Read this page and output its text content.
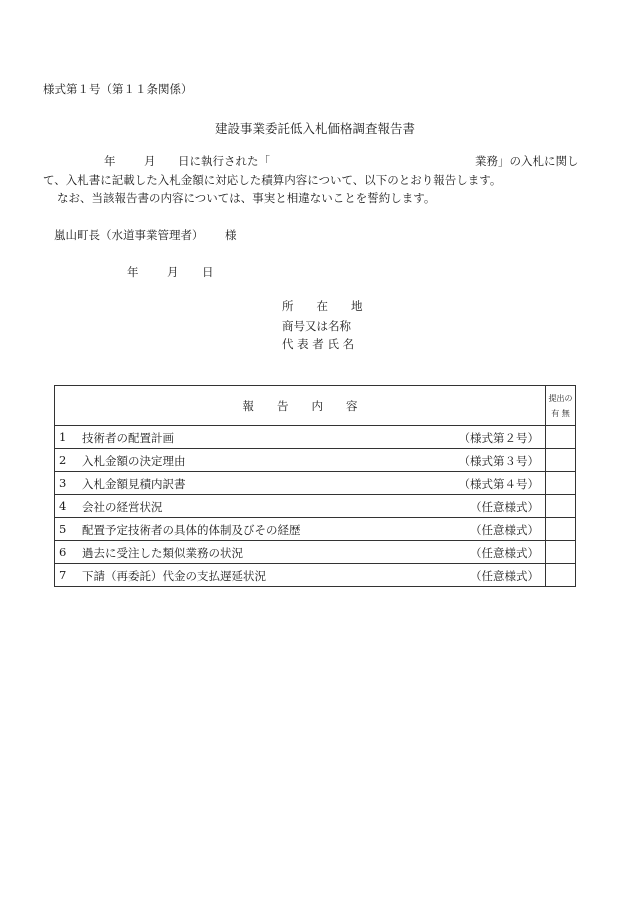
様式第１号（第１１条関係）
建設事業委託低入札価格調査報告書
年 月 日に執行された「	業務」の入札に関し
て、入札書に記載した入札金額に対応した積算内容について、以下のとおり報告します。
なお、当該報告書の内容については、事実と相違ないことを誓約します。
嵐山町長（水道事業管理者） 様
年 月 日
所　　在　　地
商号又は名称
代 表 者 氏 名
報　　告　　内　　容	提出の
有 無

1 技術者の配置計画 （様式第２号）	

2 入札金額の決定理由 （様式第３号）	

3 入札金額見積内訳書 （様式第４号）	

4 会社の経営状況 （任意様式）	

5 配置予定技術者の具体的体制及びその経歴 （任意様式）	

6 過去に受注した類似業務の状況 （任意様式）	

7 下請（再委託）代金の支払遅延状況 （任意様式）	
